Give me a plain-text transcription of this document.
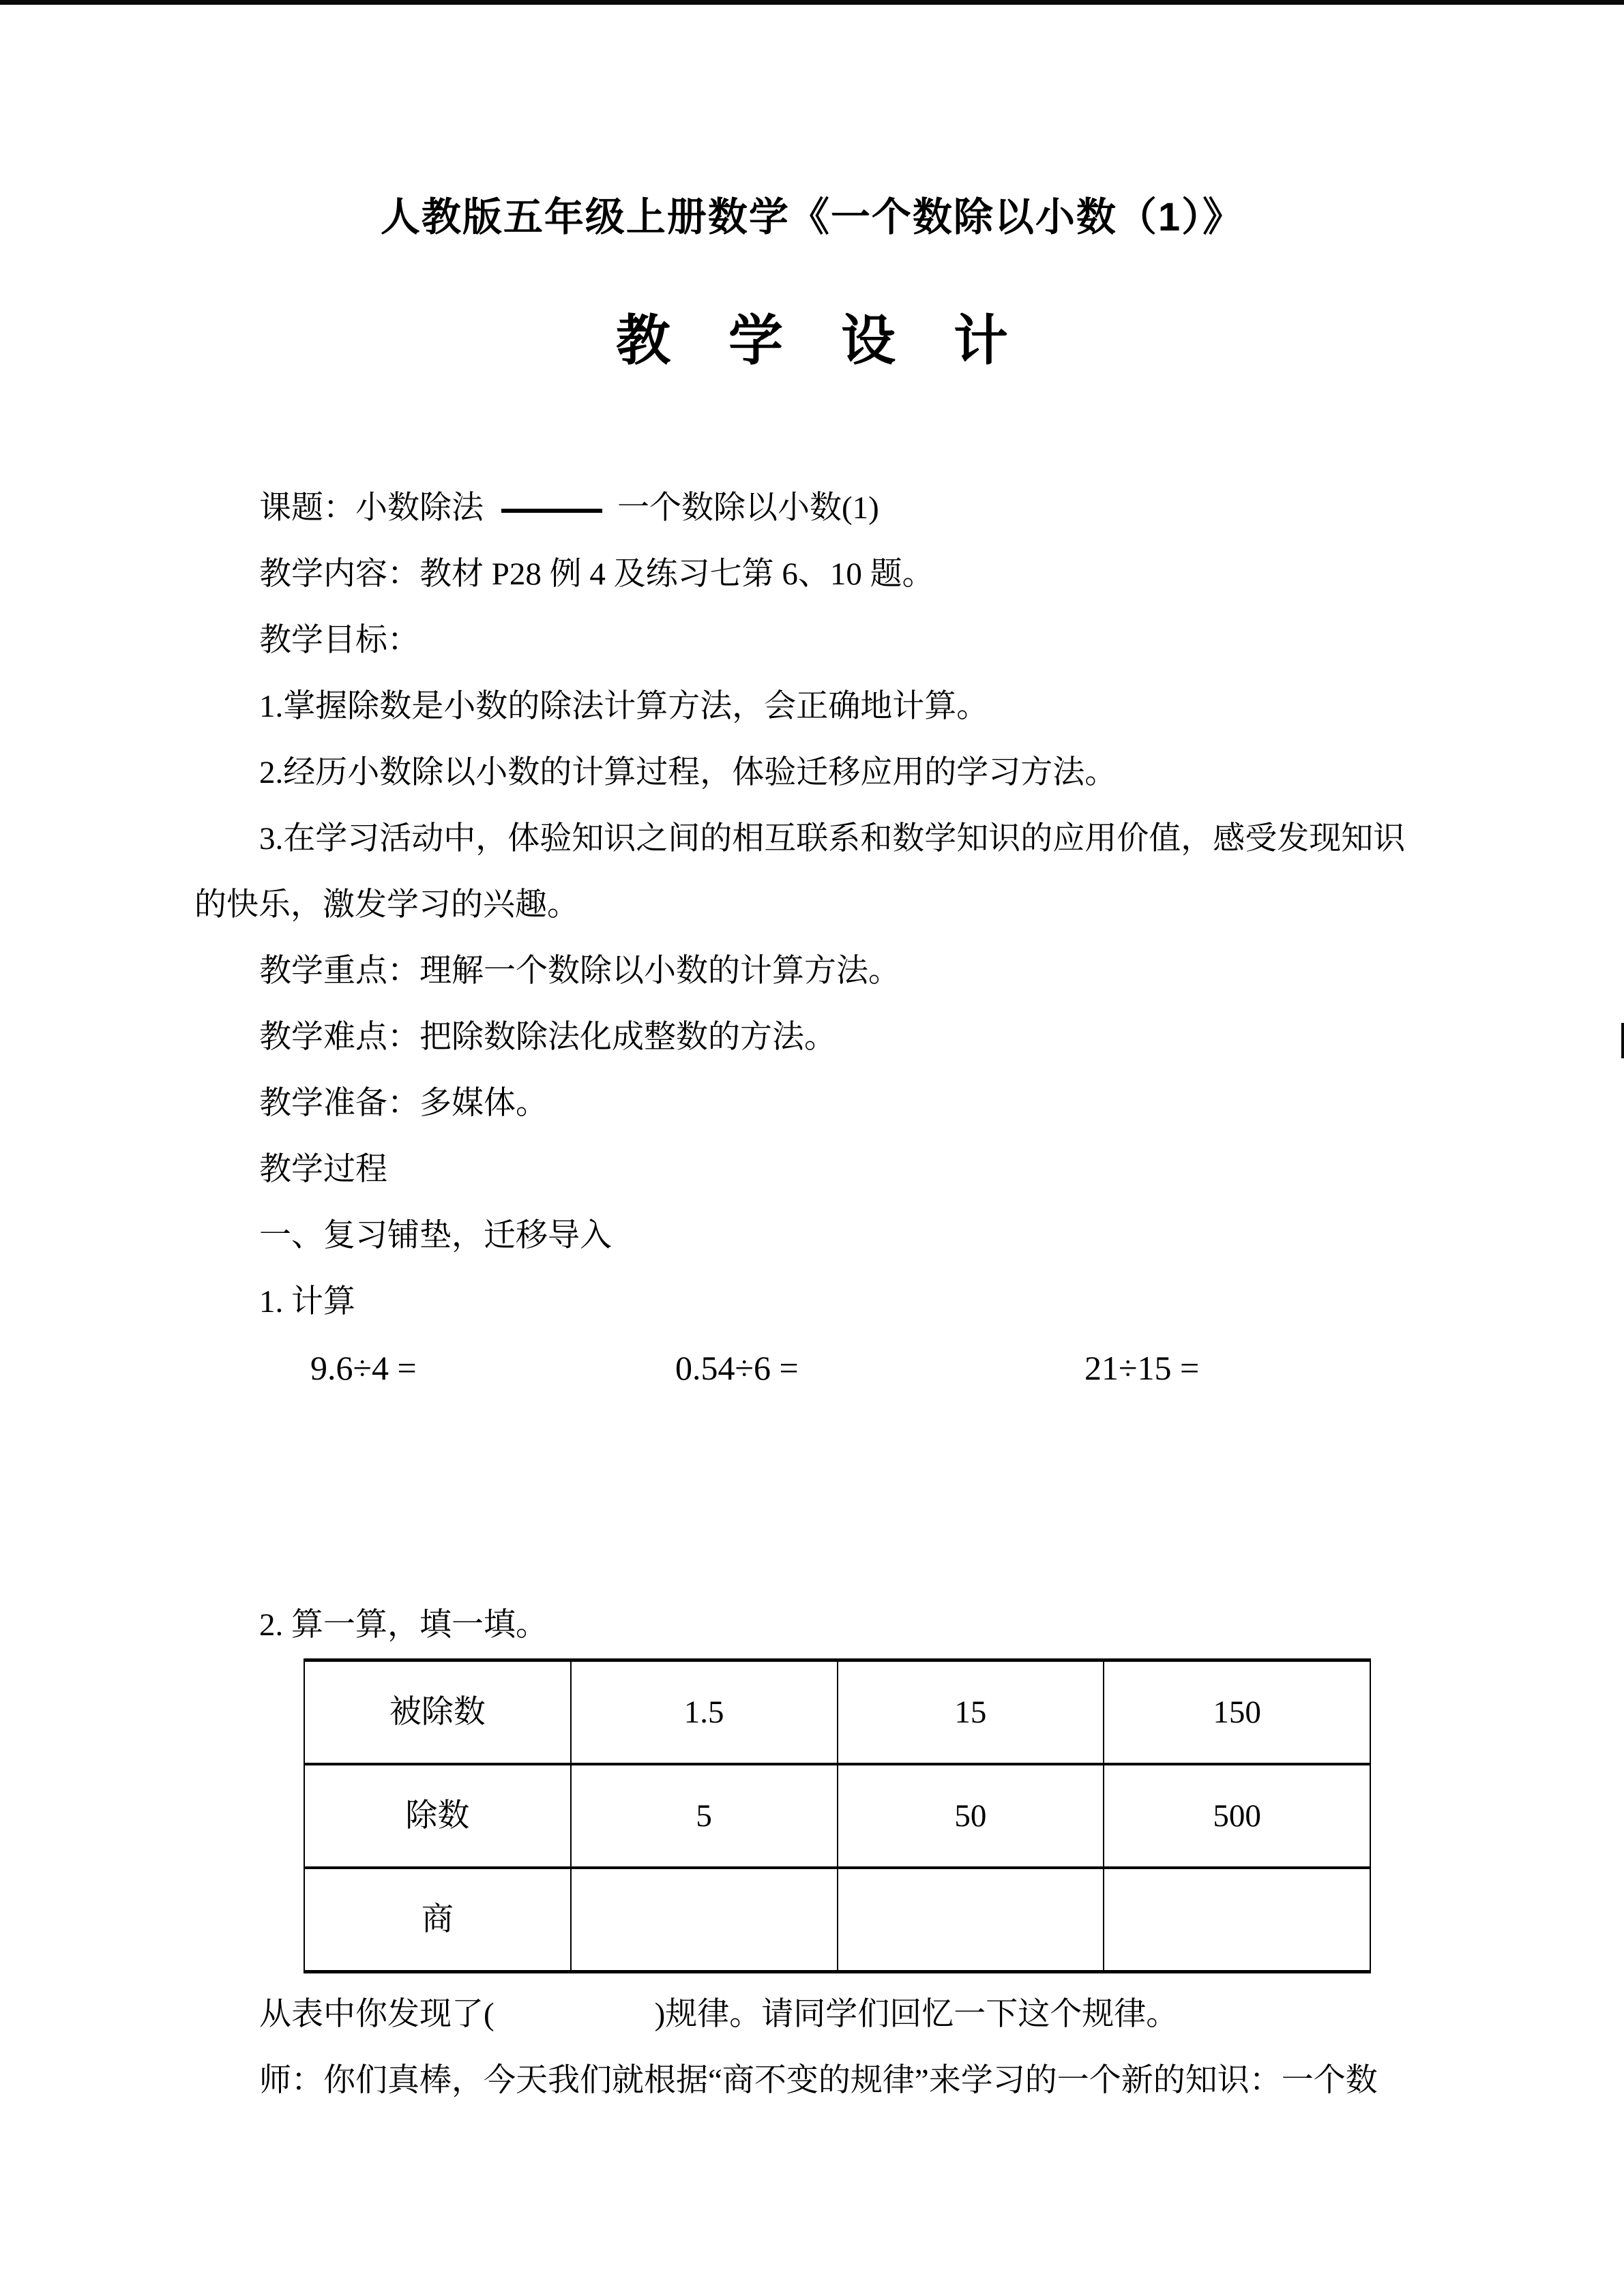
人教版五年级上册数学《一个数除以小数（1）》
教学设计

课题：小数除法	一个数除以小数(1)

教学内容：教材 P28 例 4 及练习七第 6、10 题。

教学目标：

1.掌握除数是小数的除法计算方法，会正确地计算。

2.经历小数除以小数的计算过程，体验迁移应用的学习方法。

3.在学习活动中，体验知识之间的相互联系和数学知识的应用价值，感受发现知识

的快乐，激发学习的兴趣。

教学重点：理解一个数除以小数的计算方法。

教学难点：把除数除法化成整数的方法。

教学准备：多媒体。

教学过程

一、复习铺垫，迁移导入

1. 计算

9.6÷4 =	0.54÷6 =	21÷15 =

2. 算一算，填一填。

被除数	1.5	15	150
除数	5	50	500
商			

从表中你发现了(　　　　　)规律。请同学们回忆一下这个规律。

师：你们真棒，今天我们就根据“商不变的规律”来学习的一个新的知识：一个数
